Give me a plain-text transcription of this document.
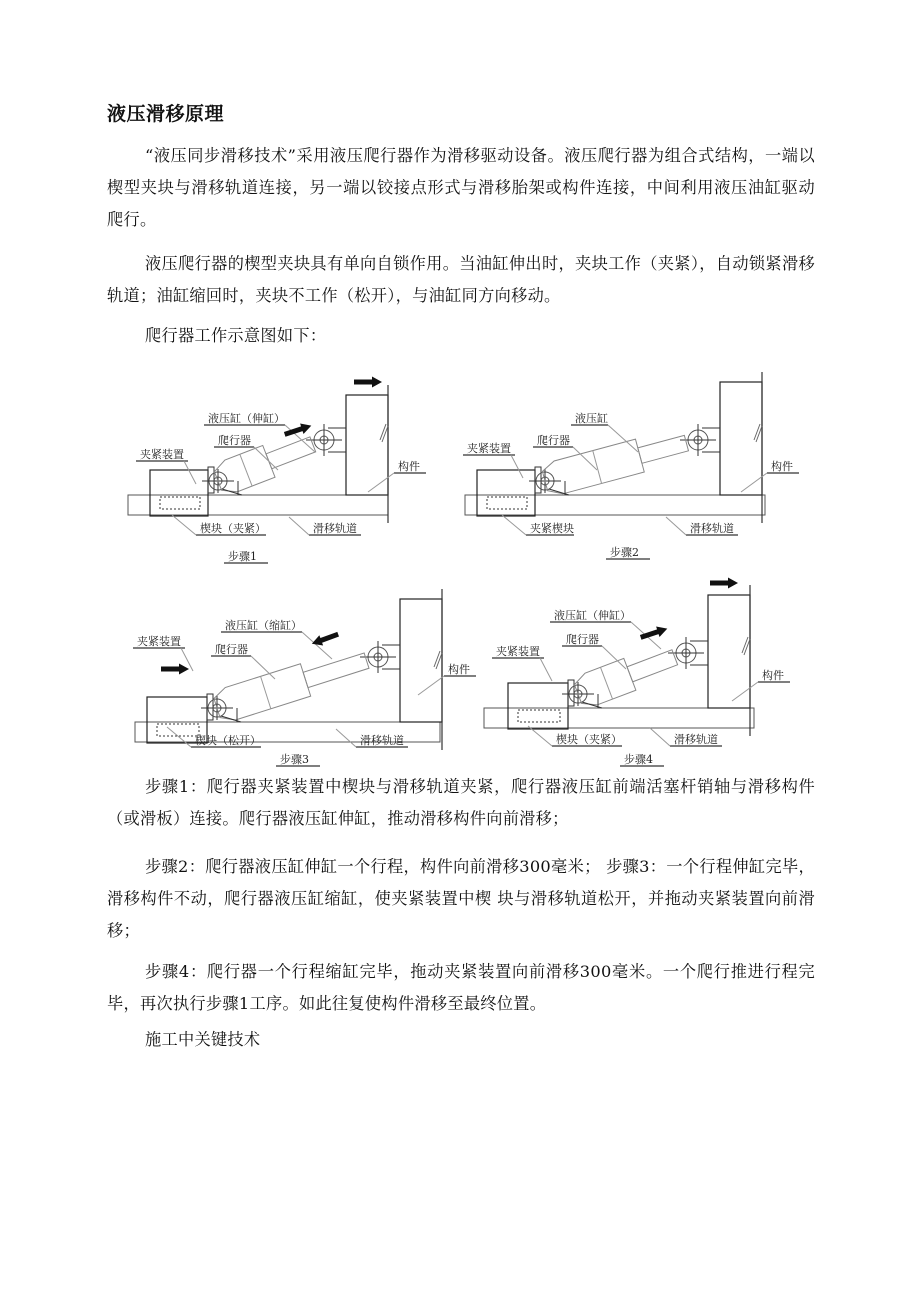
液压滑移原理
“液压同步滑移技术”采用液压爬行器作为滑移驱动设备。液压爬行器为组合式结构，一端以楔型夹块与滑移轨道连接，另一端以铰接点形式与滑移胎架或构件连接，中间利用液压油缸驱动爬行。
液压爬行器的楔型夹块具有单向自锁作用。当油缸伸出时，夹块工作（夹紧），自动锁紧滑移轨道；油缸缩回时，夹块不工作（松开），与油缸同方向移动。
爬行器工作示意图如下：
液压缸（伸缸）
爬行器
夹紧装置
构件
楔块（夹紧）	滑移轨道
步骤1
液压缸
爬行器
夹紧装置
构件
夹紧楔块	滑移轨道
步骤2
液压缸（缩缸）
爬行器
夹紧装置
构件
楔块（松开）	滑移轨道
步骤3
液压缸（伸缸）
爬行器
夹紧装置
构件
楔块（夹紧）	滑移轨道
步骤4
步骤1：爬行器夹紧装置中楔块与滑移轨道夹紧，爬行器液压缸前端活塞杆销轴与滑移构件（或滑板）连接。爬行器液压缸伸缸，推动滑移构件向前滑移；
步骤2：爬行器液压缸伸缸一个行程，构件向前滑移300毫米； 步骤3：一个行程伸缸完毕，滑移构件不动，爬行器液压缸缩缸，使夹紧装置中楔 块与滑移轨道松开，并拖动夹紧装置向前滑移；
步骤4：爬行器一个行程缩缸完毕，拖动夹紧装置向前滑移300毫米。一个爬行推进行程完毕，再次执行步骤1工序。如此往复使构件滑移至最终位置。
施工中关键技术
